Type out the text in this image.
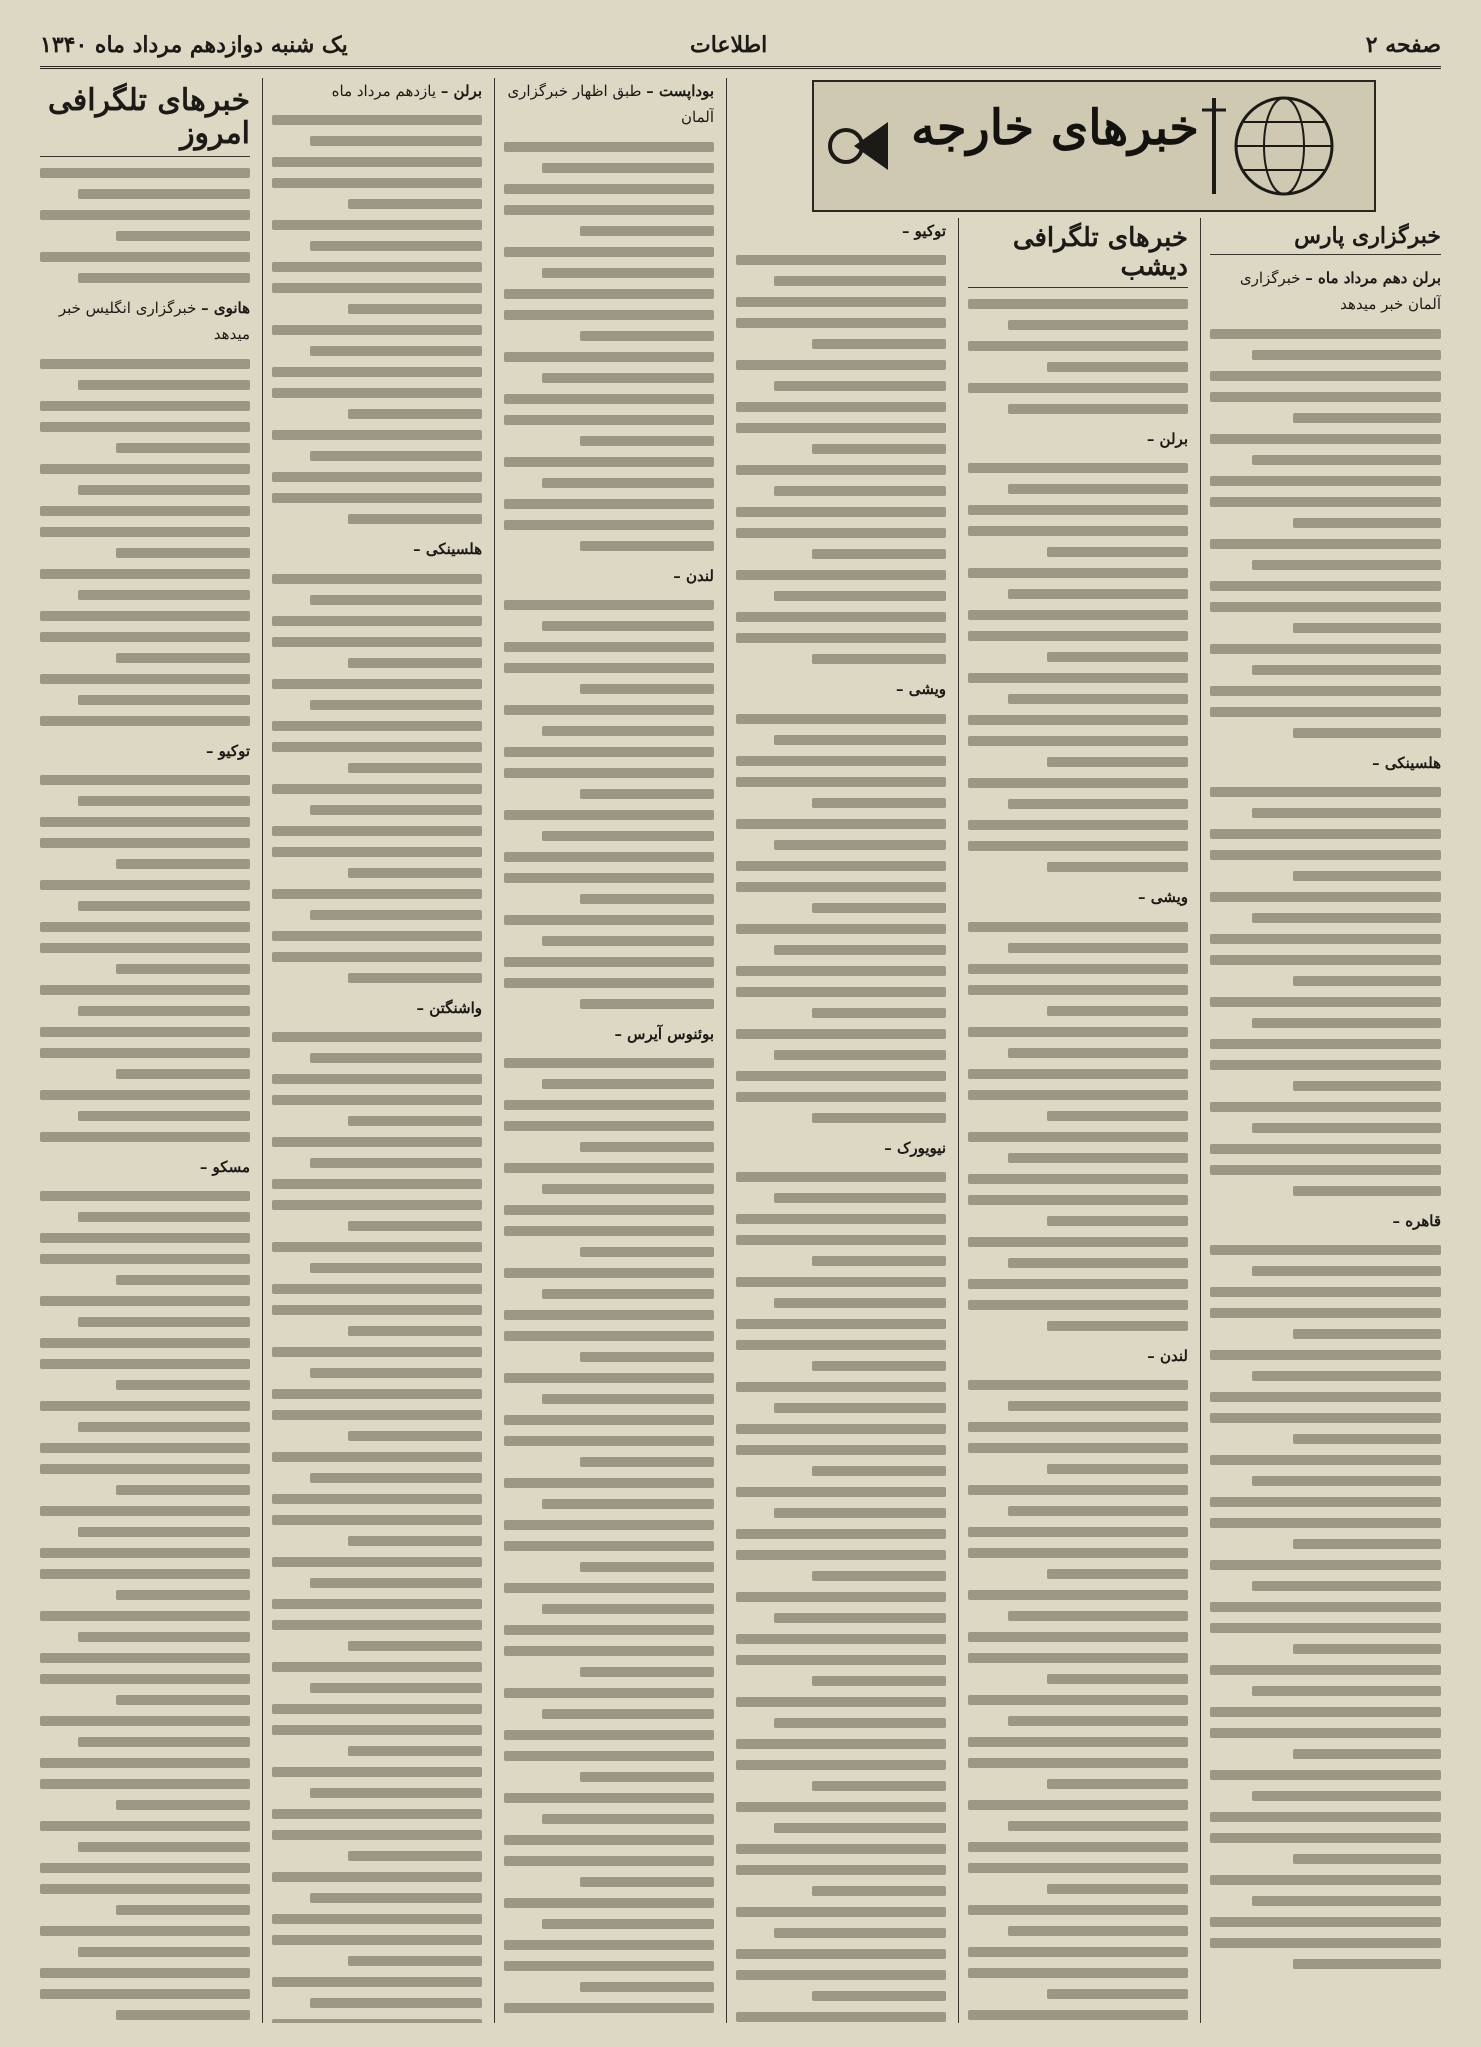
صفحه ۲
اطلاعات
یک شنبه دوازدهم مرداد ماه ۱۳۴۰
خبرهای خارجه
خبرهای تلگرافی امروز
هانوی – خبرگزاری انگلیس خبر میدهد
توکیو –
مسکو –
برلن – یازدهم مرداد ماه
هلسینکی –
واشنگتن –
بوداپست – طبق اظهار خبرگزاری آلمان
لندن –
بوئنوس آیرس –
توکیو –
ویشی –
نیویورک –
خبرهای تلگرافی دیشب
برلن –
ویشی –
لندن –
خبرگزاری پارس
برلن دهم مرداد ماه – خبرگزاری آلمان خبر میدهد
هلسینکی –
قاهره –
